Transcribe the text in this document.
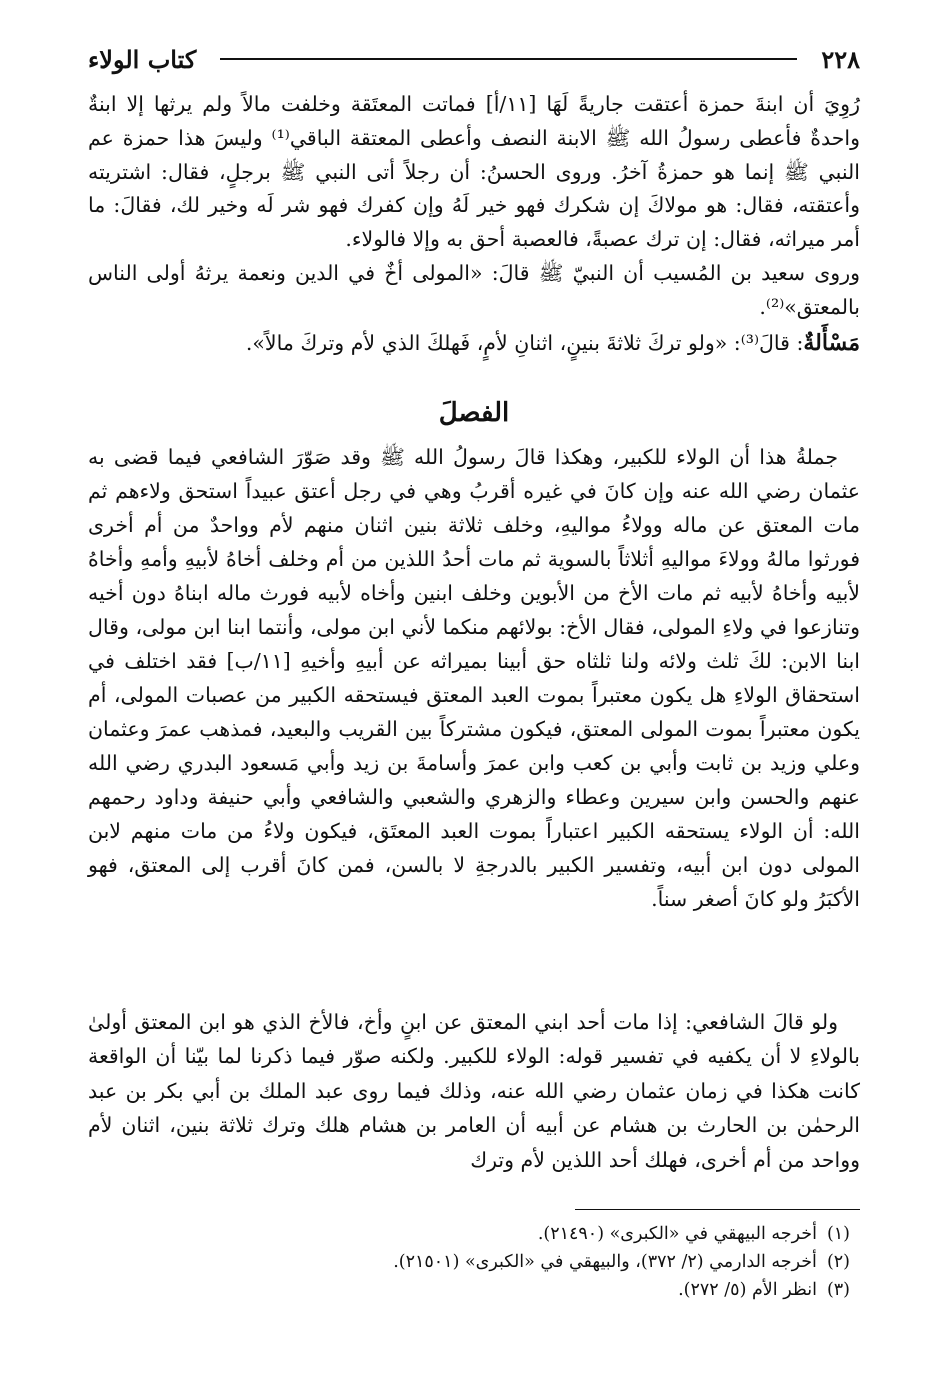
٢٢٨
كتاب الولاء

رُوِيَ أن ابنةَ حمزة أعتقت جاريةً لَهَا [١١/أ] فماتت المعتَقة وخلفت مالاً ولم يرثها إلا ابنةٌ واحدةٌ فأعطى رسولُ الله ﷺ الابنة النصف وأعطى المعتقة الباقي⁽¹⁾ وليسَ هذا حمزة عم النبي ﷺ إنما هو حمزةُ آخرُ. وروى الحسنُ: أن رجلاً أتى النبي ﷺ برجلٍ، فقال: اشتريته وأعتقته، فقال: هو مولاكَ إن شكرك فهو خير لَهُ وإن كفرك فهو شر لَه وخير لك، فقالَ: ما أمر ميراثه، فقال: إن ترك عصبةً، فالعصبة أحق به وإلا فالولاء.

وروى سعيد بن المُسيب أن النبيّ ﷺ قالَ: «المولى أخٌ في الدين ونعمة يرثهُ أولى الناس بالمعتق»⁽²⁾.

مَسْأَلةٌ: قالَ⁽³⁾: «ولو تركَ ثلاثةَ بنينٍ، اثنانِ لأمٍ، فَهلكَ الذي لأم وتركَ مالاً».

الفصلَ

جملةُ هذا أن الولاء للكبير، وهكذا قالَ رسولُ الله ﷺ وقد صَوّرَ الشافعي فيما قضى به عثمان رضي الله عنه وإن كانَ في غيره أقربُ وهي في رجل أعتق عبيداً استحق ولاءهم ثم مات المعتق عن ماله وولاءُ مواليهِ، وخلف ثلاثة بنين اثنان منهم لأم وواحدٌ من أم أخرى فورثوا مالهُ وولاءَ مواليهِ أثلاثاً بالسوية ثم مات أحدُ اللذين من أم وخلف أخاهُ لأبيهِ وأمهِ وأخاهُ لأبيه وأخاهُ لأبيه ثم مات الأخ من الأبوين وخلف ابنين وأخاه لأبيه فورث ماله ابناهُ دون أخيه وتنازعوا في ولاءِ المولى، فقال الأخ: بولائهم منكما لأني ابن مولى، وأنتما ابنا ابن مولى، وقال ابنا الابن: لكَ ثلث ولائه ولنا ثلثاه حق أبينا بميراثه عن أبيهِ وأخيهِ [١١/ب] فقد اختلف في استحقاق الولاءِ هل يكون معتبراً بموت العبد المعتق فيستحقه الكبير من عصبات المولى، أم يكون معتبراً بموت المولى المعتق، فيكون مشتركاً بين القريب والبعيد، فمذهب عمرَ وعثمان وعلي وزيد بن ثابت وأبي بن كعب وابن عمرَ وأسامةَ بن زيد وأبي مَسعود البدري رضي الله عنهم والحسن وابن سيرين وعطاء والزهري والشعبي والشافعي وأبي حنيفة وداود رحمهم الله: أن الولاء يستحقه الكبير اعتباراً بموت العبد المعتَق، فيكون ولاءُ من مات منهم لابن المولى دون ابن أبيه، وتفسير الكبير بالدرجةِ لا بالسن، فمن كانَ أقرب إلى المعتق، فهو الأكبَرُ ولو كانَ أصغر سناً.

ولو قالَ الشافعي: إذا مات أحد ابني المعتق عن ابنٍ وأخ، فالأخ الذي هو ابن المعتق أولىٰ بالولاءِ لا أن يكفيه في تفسير قوله: الولاء للكبير. ولكنه صوّر فيما ذكرنا لما بيّنا أن الواقعة كانت هكذا في زمان عثمان رضي الله عنه، وذلك فيما روى عبد الملك بن أبي بكر بن عبد الرحمٰن بن الحارث بن هشام عن أبيه أن العامر بن هشام هلك وترك ثلاثة بنين، اثنان لأم وواحد من أم أخرى، فهلك أحد اللذين لأم وترك

(١)
أخرجه البيهقي في «الكبرى» (٢١٤٩٠).
(٢)
أخرجه الدارمي (٢/ ٣٧٢)، والبيهقي في «الكبرى» (٢١٥٠١).
(٣)
انظر الأم (٥/ ٢٧٢).
